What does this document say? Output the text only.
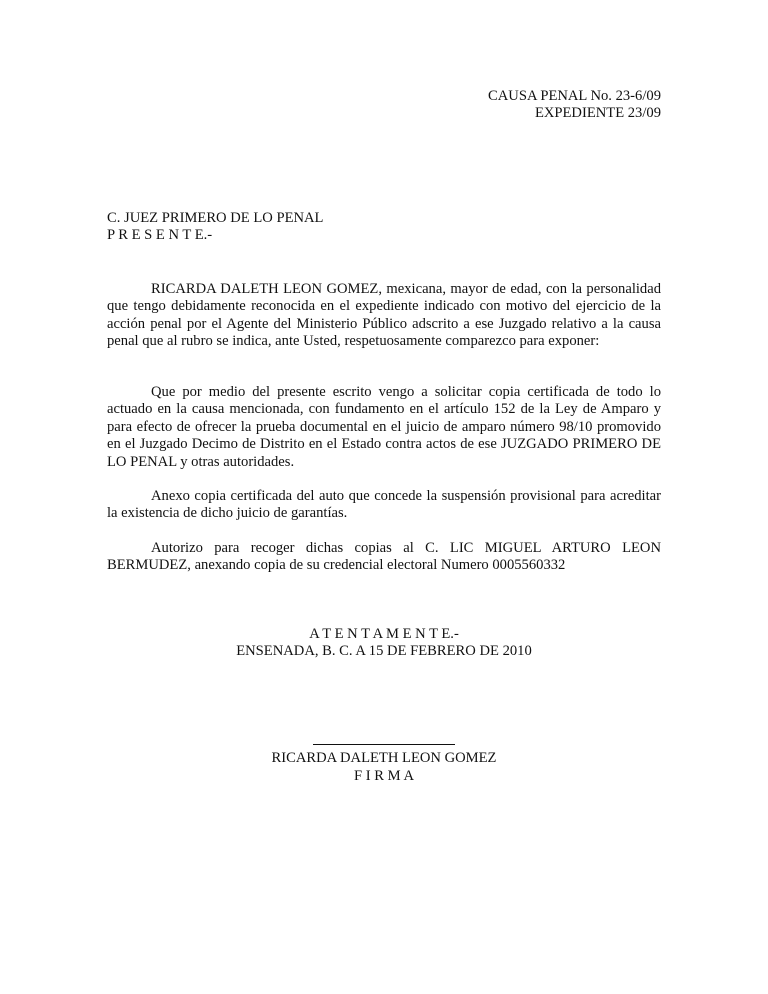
CAUSA PENAL No. 23-6/09
EXPEDIENTE 23/09
C. JUEZ PRIMERO DE LO PENAL
P R E S E N T E.-

RICARDA DALETH LEON GOMEZ, mexicana, mayor de edad, con la personalidad que tengo debidamente reconocida en el expediente indicado con motivo del ejercicio de la acción penal por el Agente del Ministerio Público adscrito a ese Juzgado relativo a la causa penal que al rubro se indica, ante Usted, respetuosamente comparezco para exponer:

Que por medio del presente escrito vengo a solicitar copia certificada de todo lo actuado en la causa mencionada, con fundamento en el artículo 152 de la Ley de Amparo y para efecto de ofrecer la prueba documental en el juicio de amparo número 98/10 promovido en el Juzgado Decimo de Distrito en el Estado contra actos de ese JUZGADO PRIMERO DE LO PENAL y otras autoridades.

Anexo copia certificada del auto que concede la suspensión provisional para acreditar la existencia de dicho juicio de garantías.

Autorizo para recoger dichas copias al C. LIC MIGUEL ARTURO LEON BERMUDEZ, anexando copia de su credencial electoral Numero 0005560332

A T E N T A M E N T E.-
ENSENADA, B. C. A 15 DE FEBRERO DE 2010
RICARDA DALETH LEON GOMEZ
F I R M A
